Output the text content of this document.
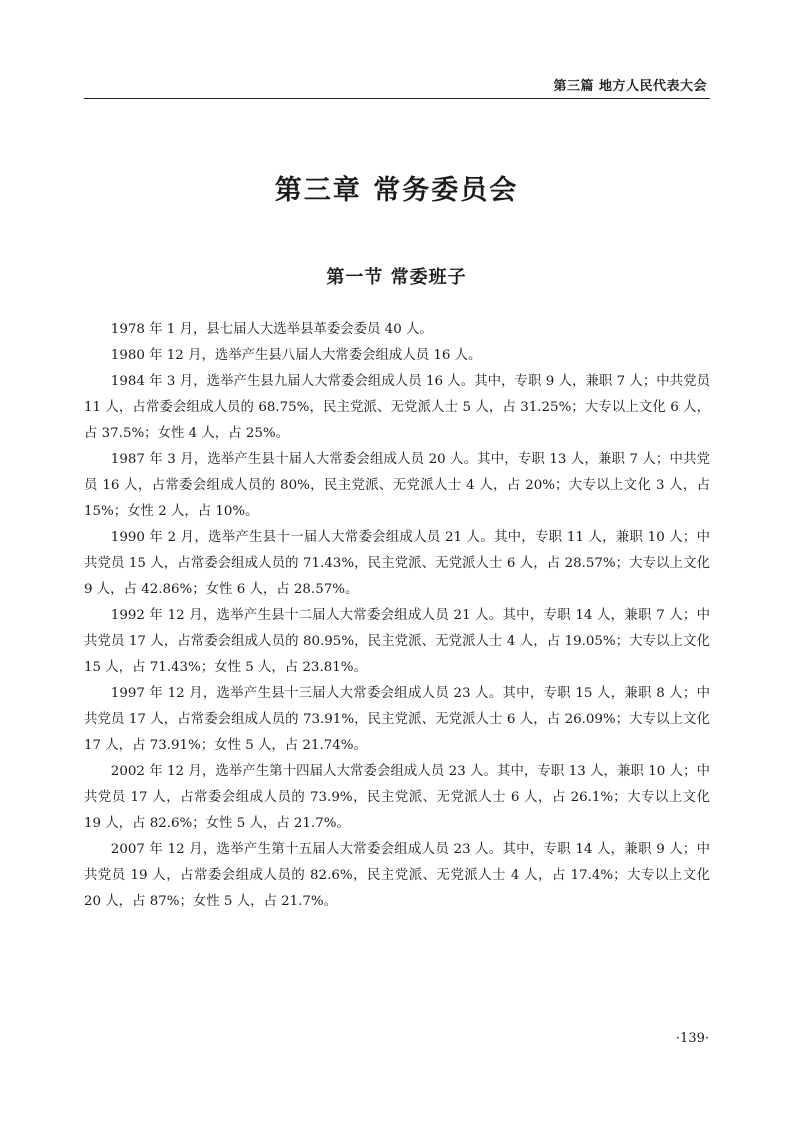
第三篇 地方人民代表大会
第三章 常务委员会
第一节 常委班子

1978 年 1 月，县七届人大选举县革委会委员 40 人。

1980 年 12 月，选举产生县八届人大常委会组成人员 16 人。

1984 年 3 月，选举产生县九届人大常委会组成人员 16 人。其中，专职 9 人，兼职 7 人；中共党员 11 人，占常委会组成人员的 68.75%，民主党派、无党派人士 5 人，占 31.25%；大专以上文化 6 人，占 37.5%；女性 4 人，占 25%。

1987 年 3 月，选举产生县十届人大常委会组成人员 20 人。其中，专职 13 人，兼职 7 人；中共党员 16 人，占常委会组成人员的 80%，民主党派、无党派人士 4 人，占 20%；大专以上文化 3 人，占 15%；女性 2 人，占 10%。

1990 年 2 月，选举产生县十一届人大常委会组成人员 21 人。其中，专职 11 人，兼职 10 人；中共党员 15 人，占常委会组成人员的 71.43%，民主党派、无党派人士 6 人，占 28.57%；大专以上文化 9 人，占 42.86%；女性 6 人，占 28.57%。

1992 年 12 月，选举产生县十二届人大常委会组成人员 21 人。其中，专职 14 人，兼职 7 人；中共党员 17 人，占常委会组成人员的 80.95%，民主党派、无党派人士 4 人，占 19.05%；大专以上文化 15 人，占 71.43%；女性 5 人，占 23.81%。

1997 年 12 月，选举产生县十三届人大常委会组成人员 23 人。其中，专职 15 人，兼职 8 人；中共党员 17 人，占常委会组成人员的 73.91%，民主党派、无党派人士 6 人，占 26.09%；大专以上文化 17 人，占 73.91%；女性 5 人，占 21.74%。

2002 年 12 月，选举产生第十四届人大常委会组成人员 23 人。其中，专职 13 人，兼职 10 人；中共党员 17 人，占常委会组成人员的 73.9%，民主党派、无党派人士 6 人，占 26.1%；大专以上文化 19 人，占 82.6%；女性 5 人，占 21.7%。

2007 年 12 月，选举产生第十五届人大常委会组成人员 23 人。其中，专职 14 人，兼职 9 人；中共党员 19 人，占常委会组成人员的 82.6%，民主党派、无党派人士 4 人，占 17.4%；大专以上文化 20 人，占 87%；女性 5 人，占 21.7%。

·139·
